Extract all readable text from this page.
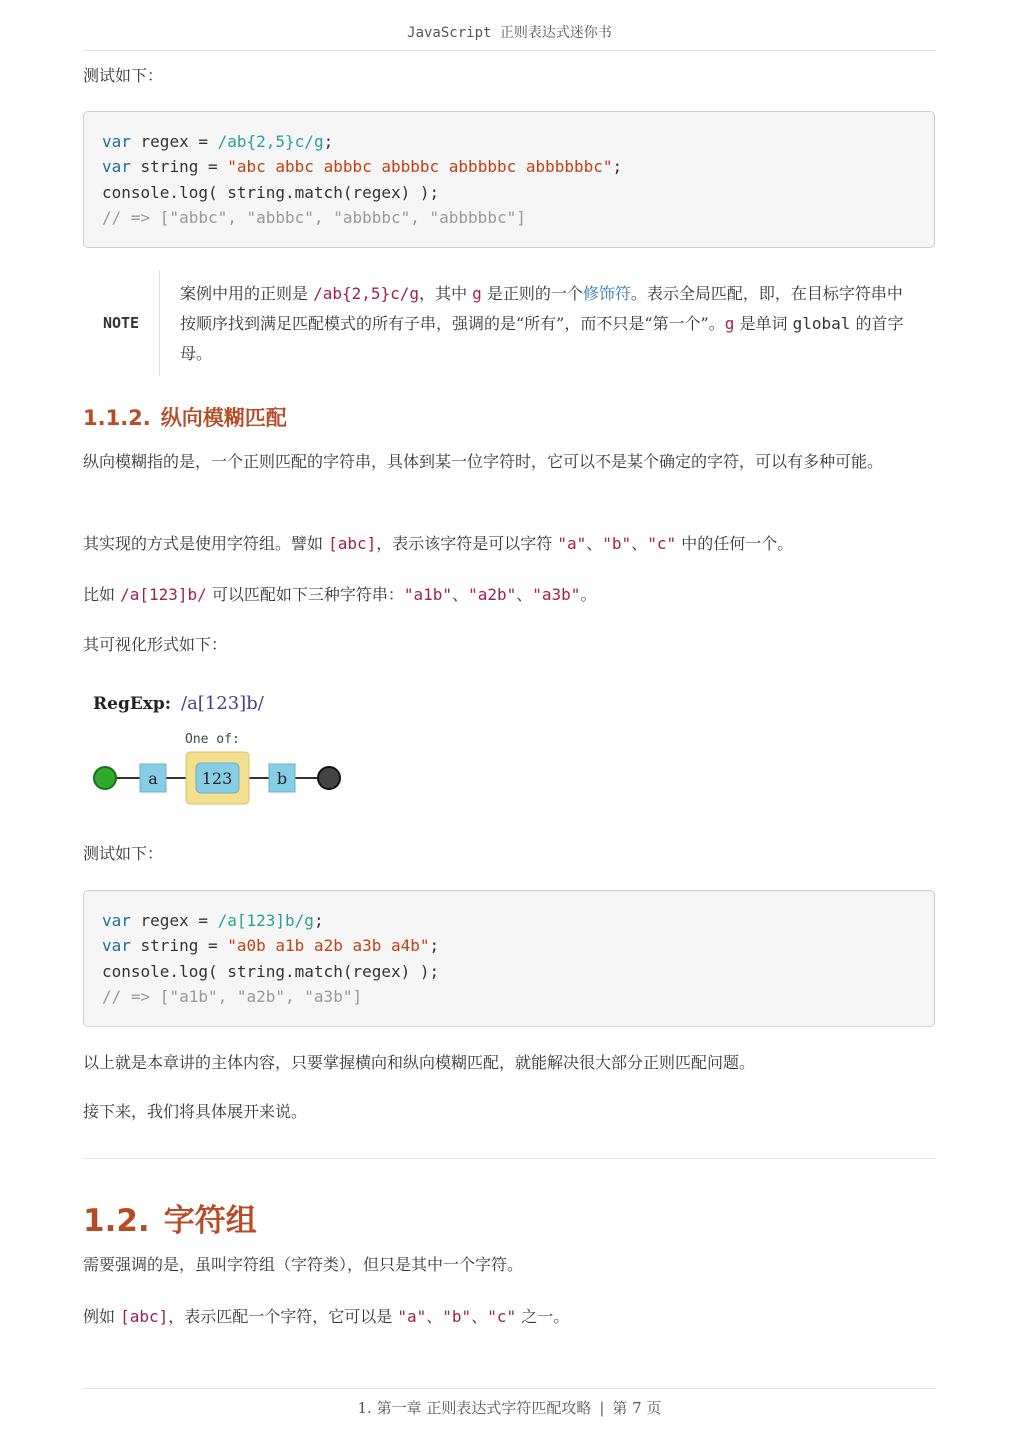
JavaScript 正则表达式迷你书

测试如下：

var regex = /ab{2,5}c/g;
var string = "abc abbc abbbc abbbbc abbbbbc abbbbbbc";
console.log( string.match(regex) );
// => ["abbc", "abbbc", "abbbbc", "abbbbbc"]
NOTE
案例中用的正则是 /ab{2,5}c/g，其中 g 是正则的一个修饰符。表示全局匹配，即，在目标字符串中按顺序找到满足匹配模式的所有子串，强调的是“所有”，而不只是“第一个”。g 是单词 global 的首字母。
1.1.2. 纵向模糊匹配

纵向模糊指的是，一个正则匹配的字符串，具体到某一位字符时，它可以不是某个确定的字符，可以有多种可能。

其实现的方式是使用字符组。譬如 [abc]，表示该字符是可以字符 "a"、"b"、"c" 中的任何一个。

比如 /a[123]b/ 可以匹配如下三种字符串："a1b"、"a2b"、"a3b"。

其可视化形式如下：

RegExp: /a[123]b/
One of:
a	123	b

测试如下：

var regex = /a[123]b/g;
var string = "a0b a1b a2b a3b a4b";
console.log( string.match(regex) );
// => ["a1b", "a2b", "a3b"]

以上就是本章讲的主体内容，只要掌握横向和纵向模糊匹配，就能解决很大部分正则匹配问题。

接下来，我们将具体展开来说。

1.2. 字符组

需要强调的是，虽叫字符组（字符类），但只是其中一个字符。

例如 [abc]，表示匹配一个字符，它可以是 "a"、"b"、"c" 之一。

1. 第一章 正则表达式字符匹配攻略 | 第 7 页
